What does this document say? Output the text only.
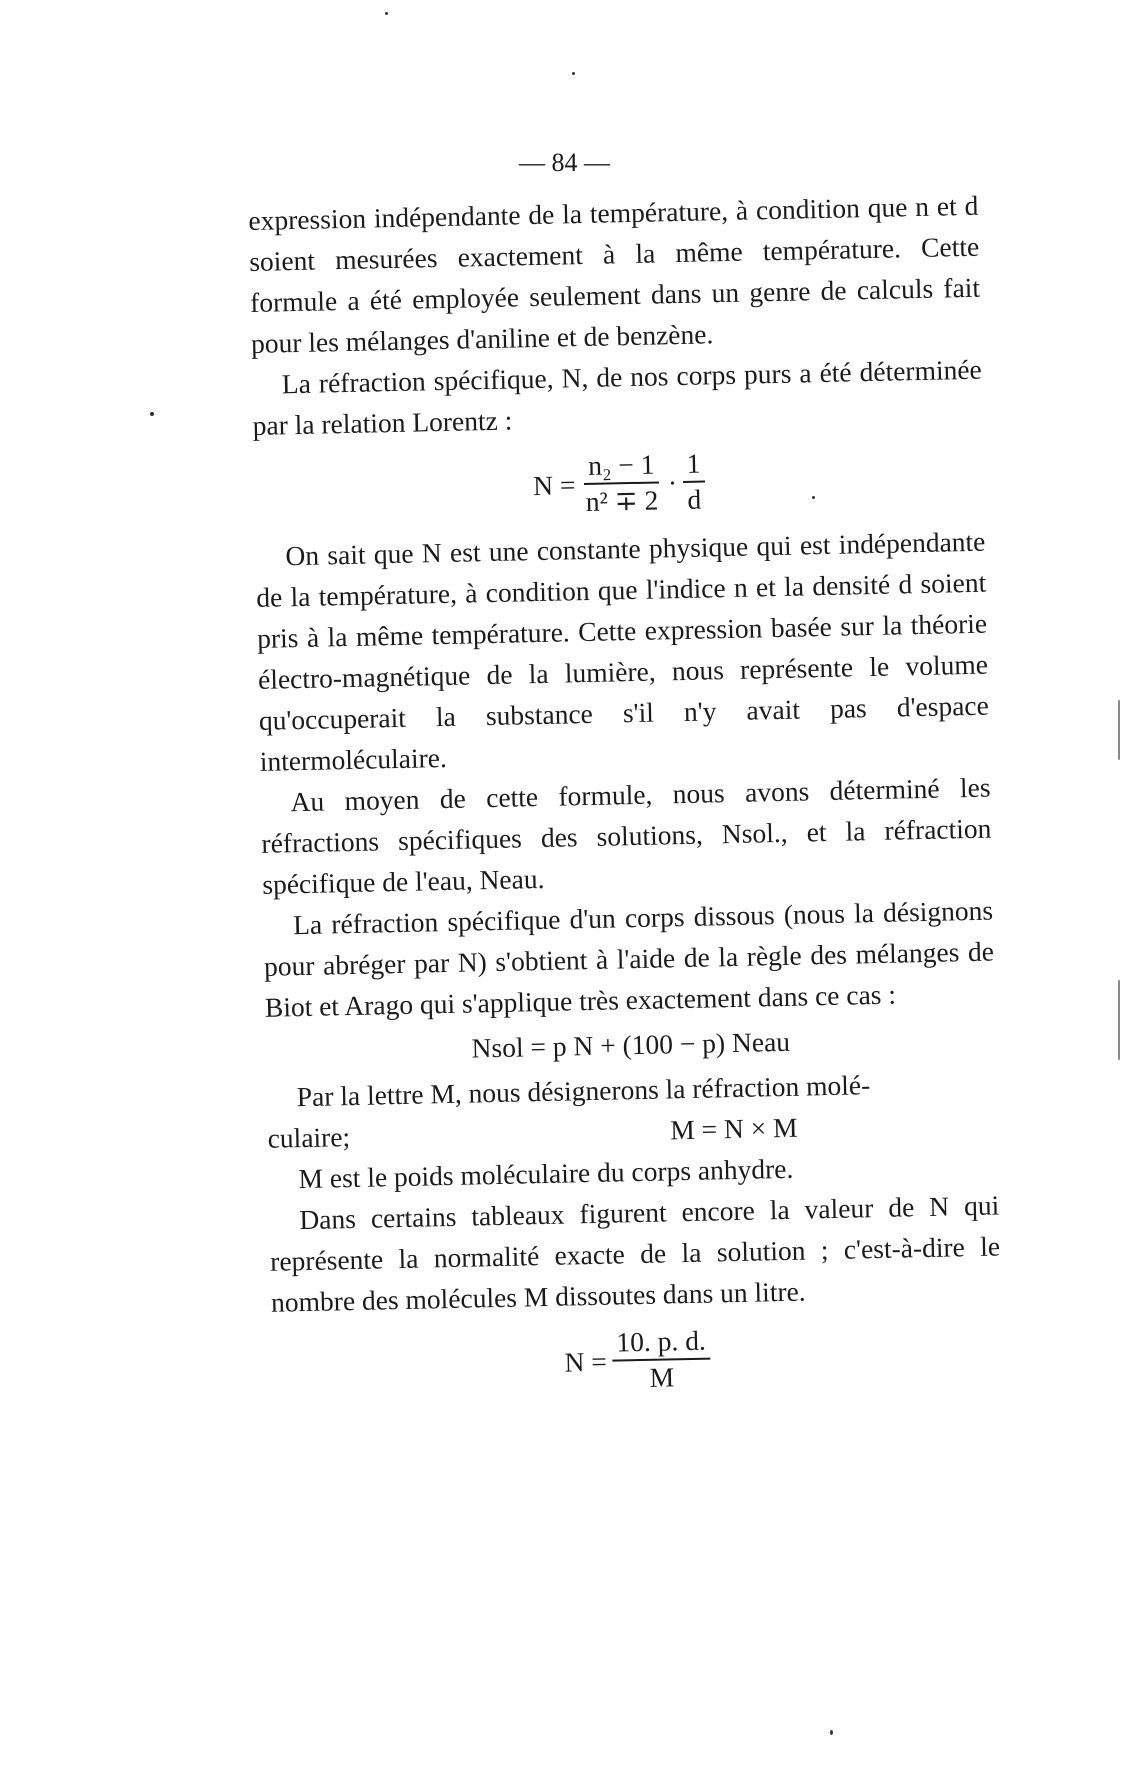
— 84 —

expression indépendante de la température, à condition que n et d soient mesurées exactement à la même température. Cette formule a été employée seulement dans un genre de calculs fait pour les mélanges d'aniline et de benzène.

La réfraction spécifique, N, de nos corps purs a été déterminée par la relation Lorentz :

$N = \frac{\text{n₂ − 1}}{\text{n² ∓ 2}} \cdot \frac{1}{d}$

On sait que N est une constante physique qui est indépendante de la température, à condition que l'indice n et la densité d soient pris à la même température. Cette expression basée sur la théorie électro-magnétique de la lumière, nous représente le volume qu'occuperait la substance s'il n'y avait pas d'espace intermoléculaire.

Au moyen de cette formule, nous avons déterminé les réfractions spécifiques des solutions, Nsol., et la réfraction spécifique de l'eau, Neau.

La réfraction spécifique d'un corps dissous (nous la désignons pour abréger par N) s'obtient à l'aide de la règle des mélanges de Biot et Arago qui s'applique très exactement dans ce cas :

Nsol = p N + (100 − p) Neau

Par la lettre M, nous désignerons la réfraction molé-

culaire;	M = N × M

M est le poids moléculaire du corps anhydre.

Dans certains tableaux figurent encore la valeur de N qui représente la normalité exacte de la solution ; c'est-à-dire le nombre des molécules M dissoutes dans un litre.

$N = \frac{10. p. d.}{M}$
